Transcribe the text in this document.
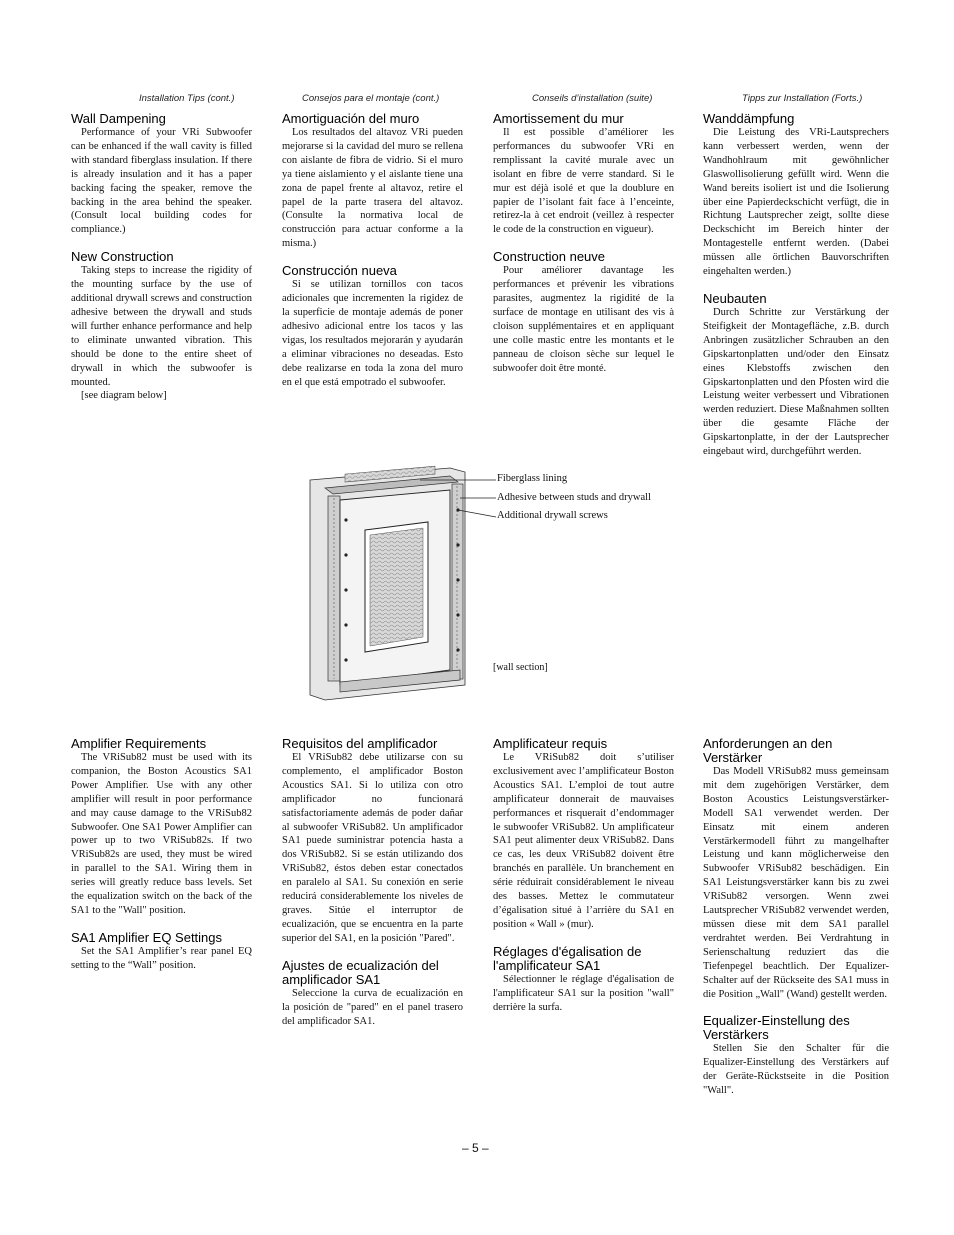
Installation Tips (cont.)	Consejos para el montaje (cont.)	Conseils d’installation (suite)	Tipps zur Installation (Forts.)
Wall Dampening

Performance of your VRi Subwoofer can be enhanced if the wall cavity is filled with standard fiberglass insulation. If there is already insulation and it has a paper backing facing the speaker, remove the backing in the area behind the speaker. (Consult local building codes for compliance.)

New Construction

Taking steps to increase the rigidity of the mounting surface by the use of additional drywall screws and construction adhesive between the drywall and studs will further enhance performance and help to eliminate unwanted vibration. This should be done to the entire sheet of drywall in which the subwoofer is mounted.

[see diagram below]

Amortiguación del muro

Los resultados del altavoz VRi pueden mejorarse si la cavidad del muro se rellena con aislante de fibra de vidrio. Si el muro ya tiene aislamiento y el aislante tiene una zona de papel frente al altavoz, retire el papel de la parte trasera del altavoz. (Consulte la normativa local de construcción para actuar conforme a la misma.)

Construcción nueva

Si se utilizan tornillos con tacos adicionales que incrementen la rigidez de la superficie de montaje además de poner adhesivo adicional entre los tacos y las vigas, los resultados mejorarán y ayudarán a eliminar vibraciones no deseadas. Esto debe realizarse en toda la zona del muro en el que está empotrado el subwoofer.

Amortissement du mur

Il est possible d’améliorer les performances du subwoofer VRi en remplissant la cavité murale avec un isolant en fibre de verre standard. Si le mur est déjà isolé et que la doublure en papier de l’isolant fait face à l’enceinte, retirez-la à cet endroit (veillez à respecter le code de la construction en vigueur).

Construction neuve

Pour améliorer davantage les performances et prévenir les vibrations parasites, augmentez la rigidité de la surface de montage en utilisant des vis à cloison supplémentaires et en appliquant une colle mastic entre les montants et le panneau de cloison sèche sur lequel le subwoofer doit être monté.

Wanddämpfung

Die Leistung des VRi-Lautsprechers kann verbessert werden, wenn der Wandhohlraum mit gewöhnlicher Glaswollisolierung gefüllt wird. Wenn die Wand bereits isoliert ist und die Isolierung über eine Papierdeckschicht verfügt, die in Richtung Lautsprecher zeigt, sollte diese Deckschicht im Bereich hinter der Montagestelle entfernt werden. (Dabei müssen alle örtlichen Bauvorschriften eingehalten werden.)

Neubauten

Durch Schritte zur Verstärkung der Steifigkeit der Montagefläche, z.B. durch Anbringen zusätzlicher Schrauben an den Gipskartonplatten und/oder den Einsatz eines Klebstoffs zwischen den Gipskartonplatten und den Pfosten wird die Leistung weiter verbessert und Vibrationen werden reduziert. Diese Maßnahmen sollten über die gesamte Fläche der Gipskartonplatte, in der der Lautsprecher eingebaut wird, durchgeführt werden.

Fiberglass lining
Adhesive between studs and drywall
Additional drywall screws
[wall section]
Amplifier Requirements

The VRiSub82 must be used with its companion, the Boston Acoustics SA1 Power Amplifier. Use with any other amplifier will result in poor performance and may cause damage to the VRiSub82 Subwoofer. One SA1 Power Amplifier can power up to two VRiSub82s. If two VRiSub82s are used, they must be wired in parallel to the SA1. Wiring them in series will greatly reduce bass levels. Set the equalization switch on the back of the SA1 to the "Wall" position.

SA1 Amplifier EQ Settings

Set the SA1 Amplifier’s rear panel EQ setting to the “Wall” position.

Requisitos del amplificador

El VRiSub82 debe utilizarse con su complemento, el amplificador Boston Acoustics SA1. Si lo utiliza con otro amplificador no funcionará satisfactoriamente además de poder dañar al subwoofer VRiSub82. Un amplificador SA1 puede suministrar potencia hasta a dos VRiSub82. Si se están utilizando dos VRiSub82, éstos deben estar conectados en paralelo al SA1. Su conexión en serie reducirá considerablemente los niveles de graves. Sitúe el interruptor de ecualización, que se encuentra en la parte superior del SA1, en la posición "Pared".

Ajustes de ecualización del amplificador SA1

Seleccione la curva de ecualización en la posición de "pared" en el panel trasero del amplificador SA1.

Amplificateur requis

Le VRiSub82 doit s’utiliser exclusivement avec l’amplificateur Boston Acoustics SA1. L’emploi de tout autre amplificateur donnerait de mauvaises performances et risquerait d’endommager le subwoofer VRiSub82. Un amplificateur SA1 peut alimenter deux VRiSub82. Dans ce cas, les deux VRiSub82 doivent être branchés en parallèle. Un branchement en série réduirait considérablement le niveau des basses. Mettez le commutateur d’égalisation situé à l’arrière du SA1 en position « Wall » (mur).

Réglages d'égalisation de l'amplificateur SA1

Sélectionner le réglage d'égalisation de l'amplificateur SA1 sur la position "wall" derrière la surfa.

Anforderungen an den Verstärker

Das Modell VRiSub82 muss gemeinsam mit dem zugehörigen Verstärker, dem Boston Acoustics Leistungsverstärker-Modell SA1 verwendet werden. Der Einsatz mit einem anderen Verstärkermodell führt zu mangelhafter Leistung und kann möglicherweise den Subwoofer VRiSub82 beschädigen. Ein SA1 Leistungsverstärker kann bis zu zwei VRiSub82 versorgen. Wenn zwei Lautsprecher VRiSub82 verwendet werden, müssen diese mit dem SA1 parallel verdrahtet werden. Bei Verdrahtung in Serienschaltung reduziert das die Tiefenpegel beachtlich. Der Equalizer-Schalter auf der Rückseite des SA1 muss in die Position „Wall" (Wand) gestellt werden.

Equalizer-Einstellung des Verstärkers

Stellen Sie den Schalter für die Equalizer-Einstellung des Verstärkers auf der Geräte-Rückstseite in die Position "Wall".

– 5 –
